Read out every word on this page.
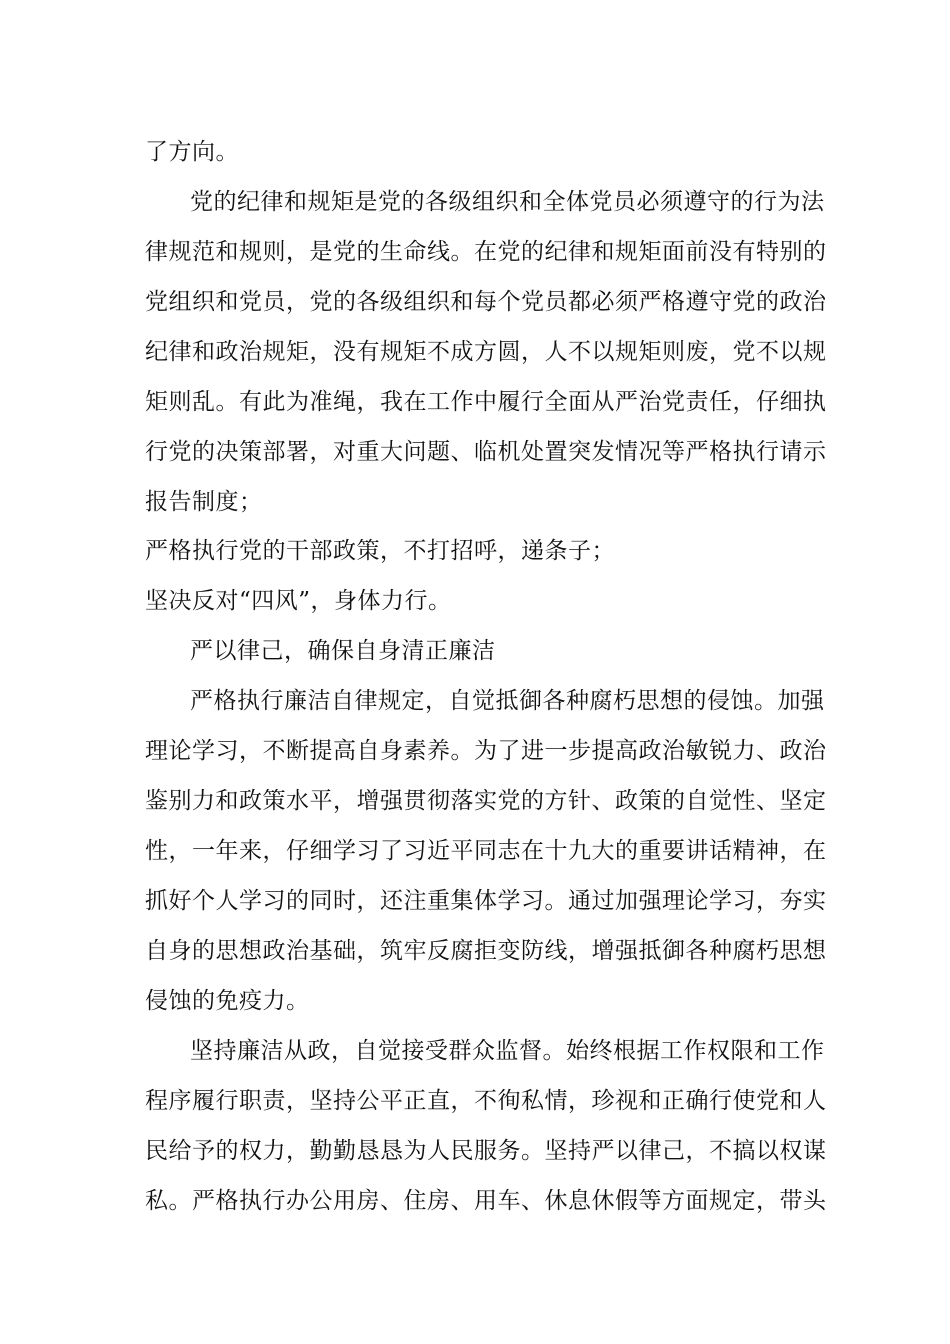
了方向。
党的纪律和规矩是党的各级组织和全体党员必须遵守的行为法
律规范和规则，是党的生命线。在党的纪律和规矩面前没有特别的
党组织和党员，党的各级组织和每个党员都必须严格遵守党的政治
纪律和政治规矩，没有规矩不成方圆，人不以规矩则废，党不以规
矩则乱。有此为准绳，我在工作中履行全面从严治党责任，仔细执
行党的决策部署，对重大问题、临机处置突发情况等严格执行请示
报告制度；
严格执行党的干部政策，不打招呼，递条子；
坚决反对“四风”，身体力行。
严以律己，确保自身清正廉洁
严格执行廉洁自律规定，自觉抵御各种腐朽思想的侵蚀。加强
理论学习，不断提高自身素养。为了进一步提高政治敏锐力、政治
鉴别力和政策水平，增强贯彻落实党的方针、政策的自觉性、坚定
性，一年来，仔细学习了习近平同志在十九大的重要讲话精神，在
抓好个人学习的同时，还注重集体学习。通过加强理论学习，夯实
自身的思想政治基础，筑牢反腐拒变防线，增强抵御各种腐朽思想
侵蚀的免疫力。
坚持廉洁从政，自觉接受群众监督。始终根据工作权限和工作
程序履行职责，坚持公平正直，不徇私情，珍视和正确行使党和人
民给予的权力，勤勤恳恳为人民服务。坚持严以律己，不搞以权谋
私。严格执行办公用房、住房、用车、休息休假等方面规定，带头
